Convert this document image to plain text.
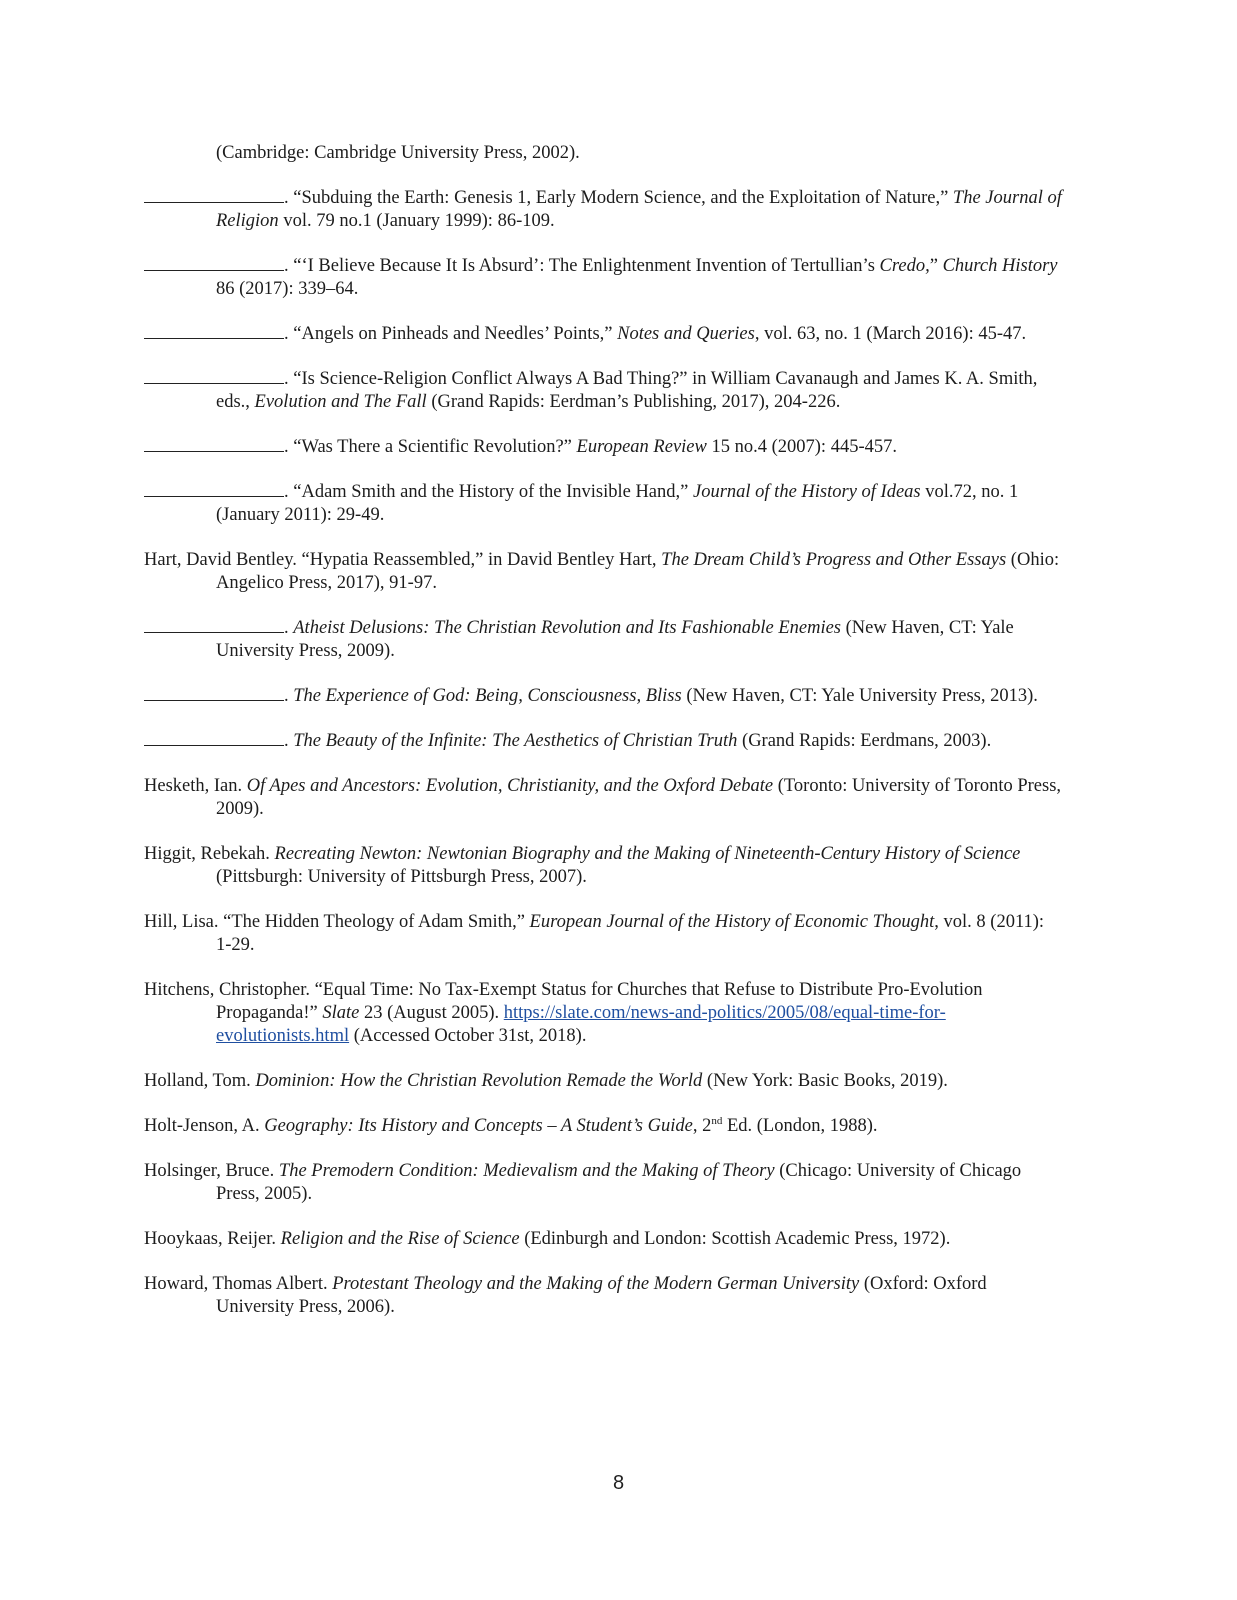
(Cambridge: Cambridge University Press, 2002).

. “Subduing the Earth: Genesis 1, Early Modern Science, and the Exploitation of Nature,” The Journal of Religion vol. 79 no.1 (January 1999): 86-109.

. “‘I Believe Because It Is Absurd’: The Enlightenment Invention of Tertullian’s Credo,” Church History 86 (2017): 339–64.

. “Angels on Pinheads and Needles’ Points,” Notes and Queries, vol. 63, no. 1 (March 2016): 45-47.

. “Is Science-Religion Conflict Always A Bad Thing?” in William Cavanaugh and James K. A. Smith, eds., Evolution and The Fall (Grand Rapids: Eerdman’s Publishing, 2017), 204-226.

. “Was There a Scientific Revolution?” European Review 15 no.4 (2007): 445-457.

. “Adam Smith and the History of the Invisible Hand,” Journal of the History of Ideas vol.72, no. 1 (January 2011): 29-49.

Hart, David Bentley. “Hypatia Reassembled,” in David Bentley Hart, The Dream Child’s Progress and Other Essays (Ohio: Angelico Press, 2017), 91-97.

. Atheist Delusions: The Christian Revolution and Its Fashionable Enemies (New Haven, CT: Yale University Press, 2009).

. The Experience of God: Being, Consciousness, Bliss (New Haven, CT: Yale University Press, 2013).

. The Beauty of the Infinite: The Aesthetics of Christian Truth (Grand Rapids: Eerdmans, 2003).

Hesketh, Ian. Of Apes and Ancestors: Evolution, Christianity, and the Oxford Debate (Toronto: University of Toronto Press, 2009).

Higgit, Rebekah. Recreating Newton: Newtonian Biography and the Making of Nineteenth-Century History of Science (Pittsburgh: University of Pittsburgh Press, 2007).

Hill, Lisa. “The Hidden Theology of Adam Smith,” European Journal of the History of Economic Thought, vol. 8 (2011): 1-29.

Hitchens, Christopher. “Equal Time: No Tax-Exempt Status for Churches that Refuse to Distribute Pro-Evolution Propaganda!” Slate 23 (August 2005). https://slate.com/news-and-politics/2005/08/equal-time-for-evolutionists.html (Accessed October 31st, 2018).

Holland, Tom. Dominion: How the Christian Revolution Remade the World (New York: Basic Books, 2019).

Holt-Jenson, A. Geography: Its History and Concepts – A Student’s Guide, 2nd Ed. (London, 1988).

Holsinger, Bruce. The Premodern Condition: Medievalism and the Making of Theory (Chicago: University of Chicago Press, 2005).

Hooykaas, Reijer. Religion and the Rise of Science (Edinburgh and London: Scottish Academic Press, 1972).

Howard, Thomas Albert. Protestant Theology and the Making of the Modern German University (Oxford: Oxford University Press, 2006).

8
